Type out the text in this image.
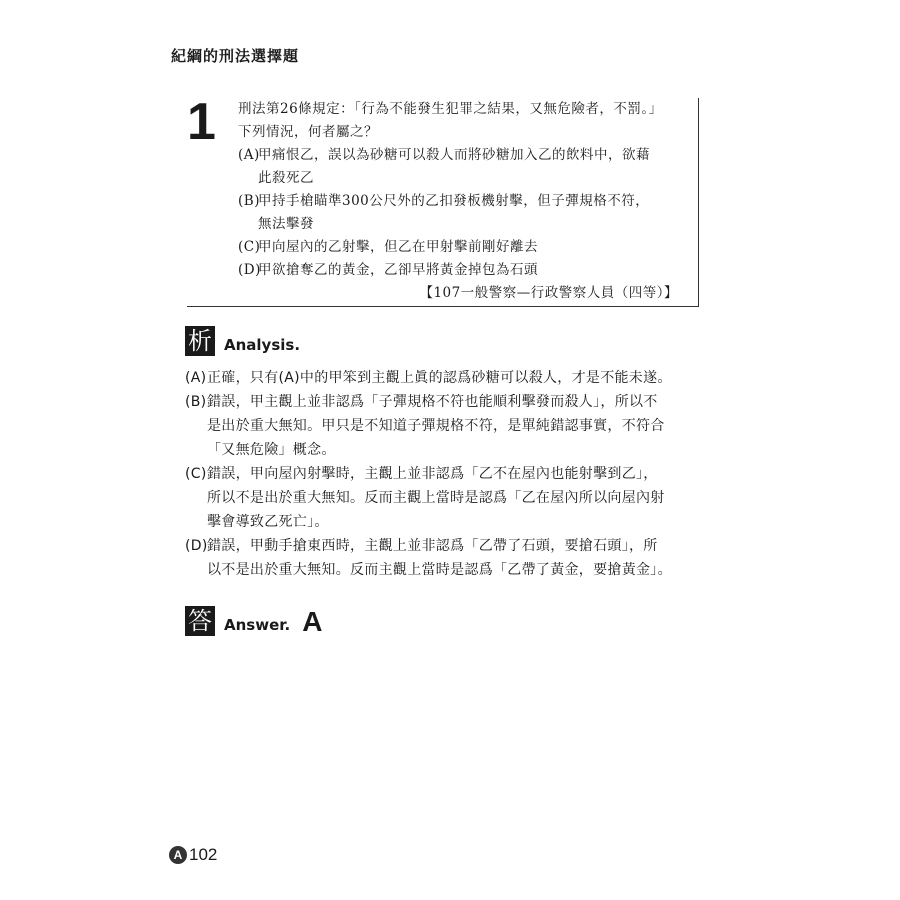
紀綱的刑法選擇題
1 刑法第26條規定：「行為不能發生犯罪之結果，又無危險者，不罰。」
下列情況，何者屬之？
(A)
甲痛恨乙，誤以為砂糖可以殺人而將砂糖加入乙的飲料中，欲藉
此殺死乙
(B)
甲持手槍瞄準300公尺外的乙扣發板機射擊，但子彈規格不符，
無法擊發
(C)
甲向屋內的乙射擊，但乙在甲射擊前剛好離去
(D)
甲欲搶奪乙的黃金，乙卻早將黃金掉包為石頭
【107一般警察—行政警察人員（四等）】
析 Analysis.
(A) 正確，只有(A)中的甲笨到主觀上眞的認爲砂糖可以殺人，才是不能未遂。
(B) 錯誤，甲主觀上並非認爲「子彈規格不符也能順利擊發而殺人」，所以不
是出於重大無知。甲只是不知道子彈規格不符，是單純錯認事實，不符合
「又無危險」概念。
(C) 錯誤，甲向屋內射擊時，主觀上並非認爲「乙不在屋內也能射擊到乙」，
所以不是出於重大無知。反而主觀上當時是認爲「乙在屋內所以向屋內射
擊會導致乙死亡」。
(D) 錯誤，甲動手搶東西時，主觀上並非認爲「乙帶了石頭，要搶石頭」，所
以不是出於重大無知。反而主觀上當時是認爲「乙帶了黃金，要搶黃金」。
答 Answer. A
A 102
